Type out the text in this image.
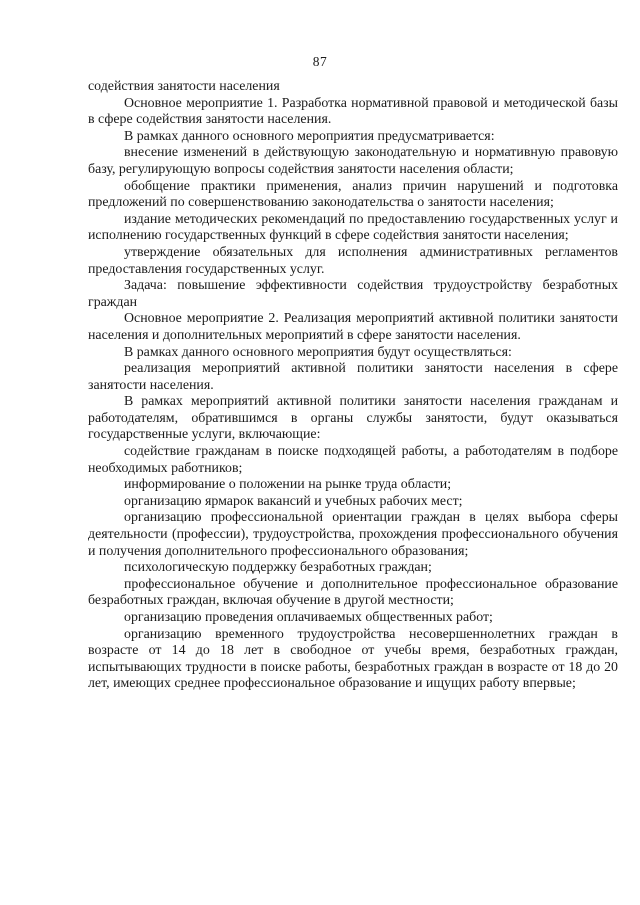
87

содействия занятости населения

Основное мероприятие 1. Разработка нормативной правовой и методической базы в сфере содействия занятости населения.

В рамках данного основного мероприятия предусматривается:

внесение изменений в действующую законодательную и нормативную правовую базу, регулирующую вопросы содействия занятости населения области;

обобщение практики применения, анализ причин нарушений и подготовка предложений по совершенствованию законодательства о занятости населения;

издание методических рекомендаций по предоставлению государственных услуг и исполнению государственных функций в сфере содействия занятости населения;

утверждение обязательных для исполнения административных регламентов предоставления государственных услуг.

Задача: повышение эффективности содействия трудоустройству безработных граждан

Основное мероприятие 2. Реализация мероприятий активной политики занятости населения и дополнительных мероприятий в сфере занятости населения.

В рамках данного основного мероприятия будут осуществляться:

реализация мероприятий активной политики занятости населения в сфере занятости населения.

В рамках мероприятий активной политики занятости населения гражданам и работодателям, обратившимся в органы службы занятости, будут оказываться государственные услуги, включающие:

содействие гражданам в поиске подходящей работы, а работодателям в подборе необходимых работников;

информирование о положении на рынке труда области;

организацию ярмарок вакансий и учебных рабочих мест;

организацию профессиональной ориентации граждан в целях выбора сферы деятельности (профессии), трудоустройства, прохождения профессионального обучения и получения дополнительного профессионального образования;

психологическую поддержку безработных граждан;

профессиональное обучение и дополнительное профессиональное образование безработных граждан, включая обучение в другой местности;

организацию проведения оплачиваемых общественных работ;

организацию временного трудоустройства несовершеннолетних граждан в возрасте от 14 до 18 лет в свободное от учебы время, безработных граждан, испытывающих трудности в поиске работы, безработных граждан в возрасте от 18 до 20 лет, имеющих среднее профессиональное образование и ищущих работу впервые;
